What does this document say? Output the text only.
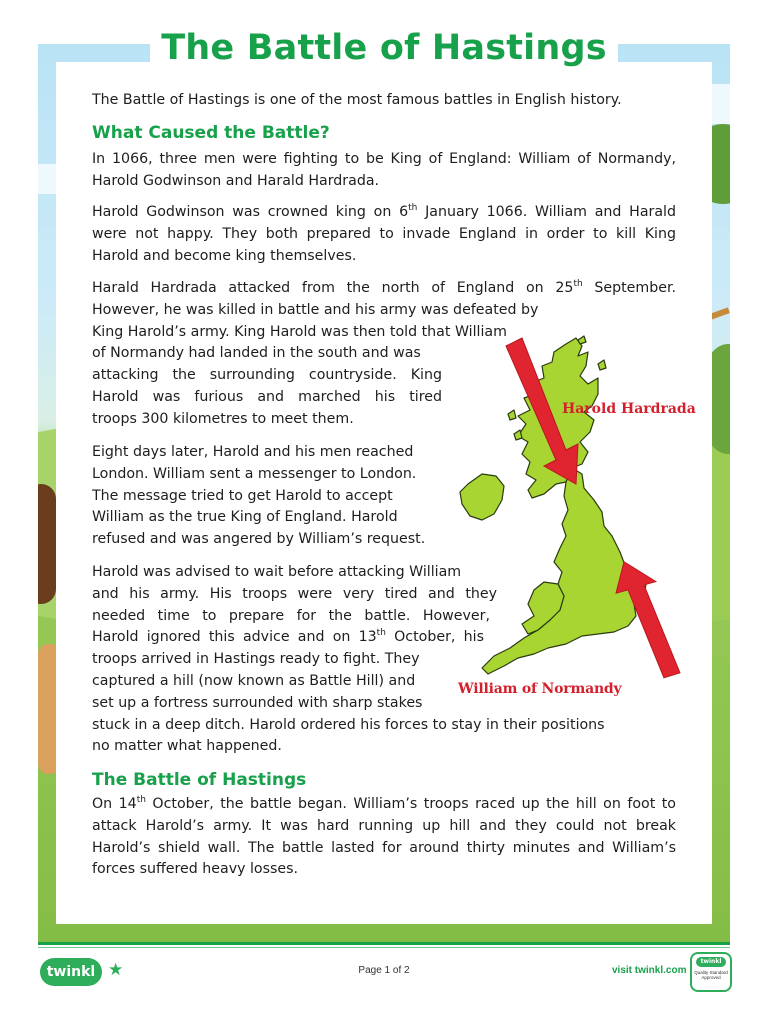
The Battle of Hastings
The Battle of Hastings is one of the most famous battles in English history.
What Caused the Battle?
In 1066, three men were fighting to be King of England: William of Normandy,
Harold Godwinson and Harald Hardrada.
Harold Godwinson was crowned king on 6th January 1066. William and Harald
were not happy. They both prepared to invade England in order to kill King
Harold and become king themselves.
Harald Hardrada attacked from the north of England on 25th September.
However, he was killed in battle and his army was defeated by
King Harold’s army. King Harold was then told that William
of Normandy had landed in the south and was
attacking the surrounding countryside. King
Harold was furious and marched his tired
troops 300 kilometres to meet them.
Eight days later, Harold and his men reached
London. William sent a messenger to London.
The message tried to get Harold to accept
William as the true King of England. Harold
refused and was angered by William’s request.
Harold was advised to wait before attacking William
and his army. His troops were very tired and they
needed time to prepare for the battle. However,
Harold ignored this advice and on 13th October, his
troops arrived in Hastings ready to fight. They
captured a hill (now known as Battle Hill) and
set up a fortress surrounded with sharp stakes
stuck in a deep ditch. Harold ordered his forces to stay in their positions
no matter what happened.
The Battle of Hastings
On 14th October, the battle began. William’s troops raced up the hill on foot to
attack Harold’s army. It was hard running up hill and they could not break
Harold’s shield wall. The battle lasted for around thirty minutes and William’s
forces suffered heavy losses.
Harold Hardrada
William of Normandy
twinkl ★	Page 1 of 2	visit twinkl.com
twinkl
Quality Standard Approved
